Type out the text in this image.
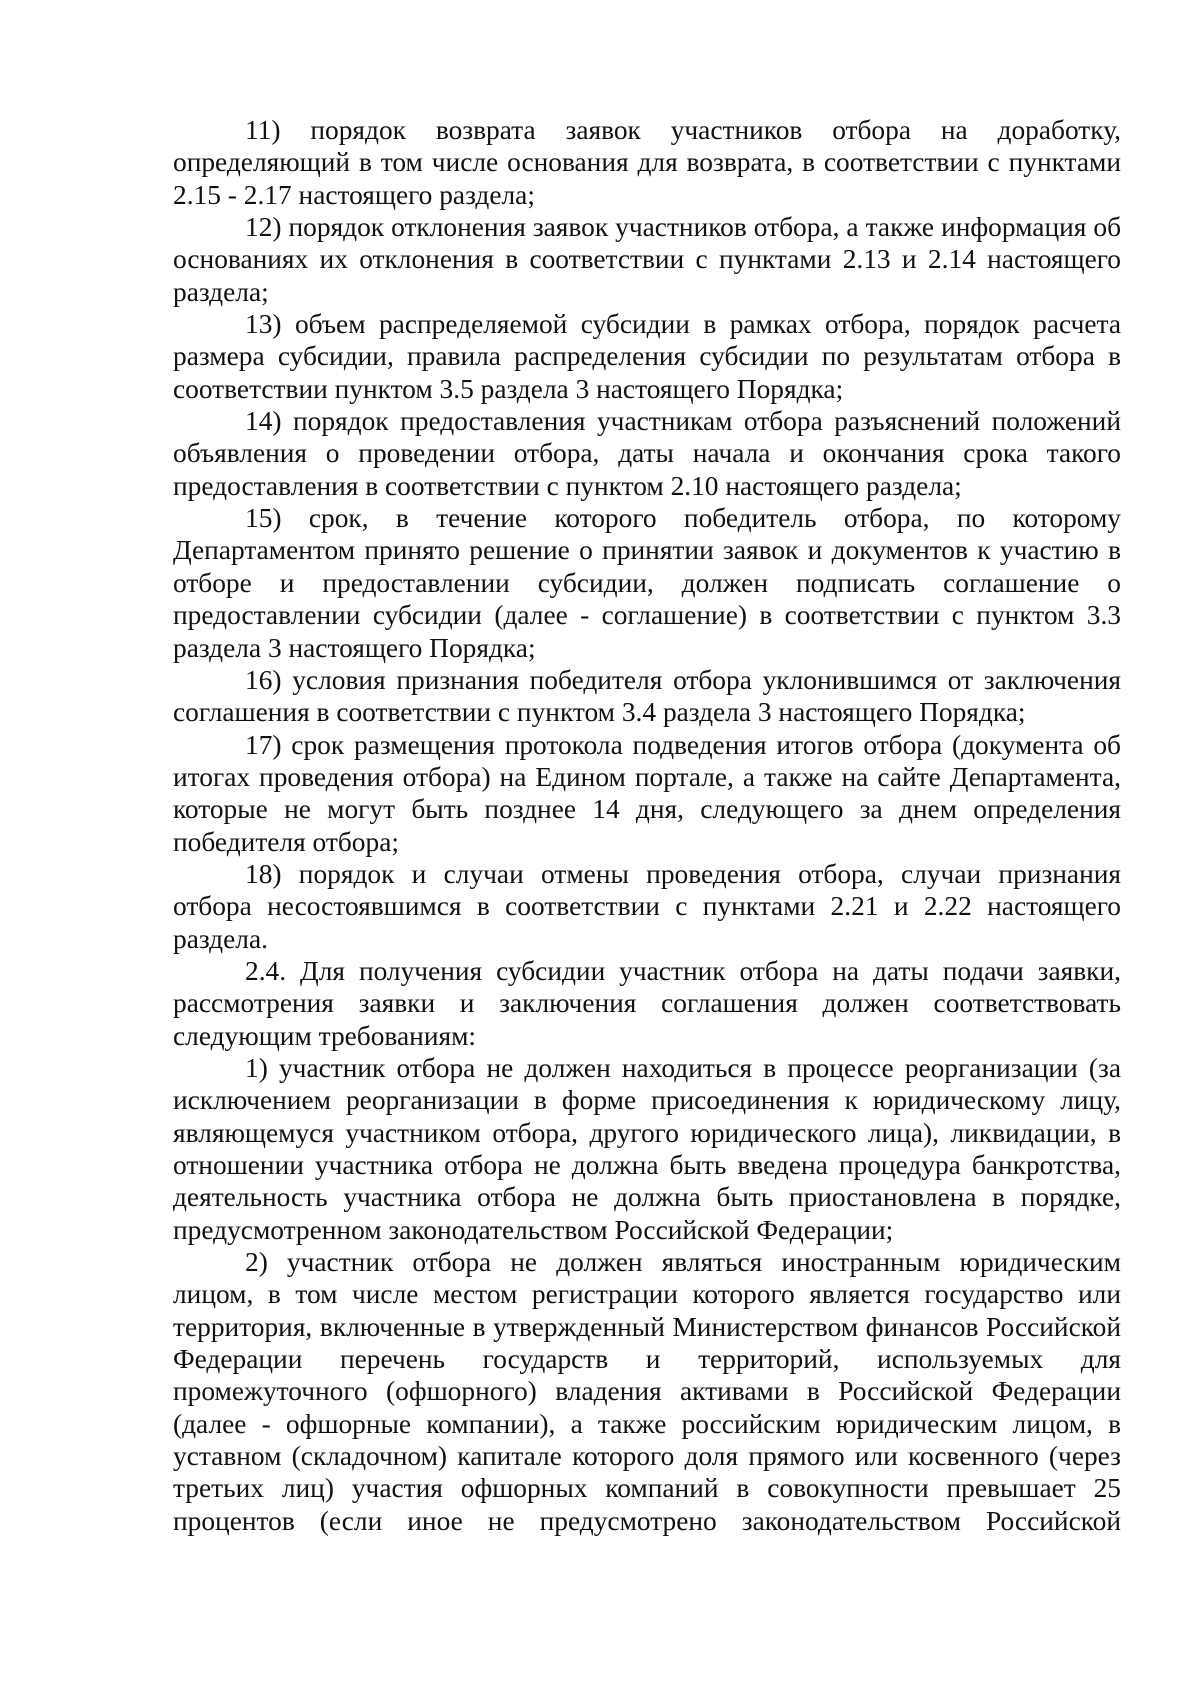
11) порядок возврата заявок участников отбора на доработку, определяющий в том числе основания для возврата, в соответствии с пунктами 2.15 - 2.17 настоящего раздела;

12) порядок отклонения заявок участников отбора, а также информация об основаниях их отклонения в соответствии с пунктами 2.13 и 2.14 настоящего раздела;

13) объем распределяемой субсидии в рамках отбора, порядок расчета размера субсидии, правила распределения субсидии по результатам отбора в соответствии пунктом 3.5 раздела 3 настоящего Порядка;

14) порядок предоставления участникам отбора разъяснений положений объявления о проведении отбора, даты начала и окончания срока такого предоставления в соответствии с пунктом 2.10 настоящего раздела;

15) срок, в течение которого победитель отбора, по которому Департаментом принято решение о принятии заявок и документов к участию в отборе и предоставлении субсидии, должен подписать соглашение о предоставлении субсидии (далее - соглашение) в соответствии с пунктом 3.3 раздела 3 настоящего Порядка;

16) условия признания победителя отбора уклонившимся от заключения соглашения в соответствии с пунктом 3.4 раздела 3 настоящего Порядка;

17) срок размещения протокола подведения итогов отбора (документа об итогах проведения отбора) на Едином портале, а также на сайте Департамента, которые не могут быть позднее 14 дня, следующего за днем определения победителя отбора;

18) порядок и случаи отмены проведения отбора, случаи признания отбора несостоявшимся в соответствии с пунктами 2.21 и 2.22 настоящего раздела.

2.4. Для получения субсидии участник отбора на даты подачи заявки, рассмотрения заявки и заключения соглашения должен соответствовать следующим требованиям:

1) участник отбора не должен находиться в процессе реорганизации (за исключением реорганизации в форме присоединения к юридическому лицу, являющемуся участником отбора, другого юридического лица), ликвидации, в отношении участника отбора не должна быть введена процедура банкротства, деятельность участника отбора не должна быть приостановлена в порядке, предусмотренном законодательством Российской Федерации;

2) участник отбора не должен являться иностранным юридическим лицом, в том числе местом регистрации которого является государство или территория, включенные в утвержденный Министерством финансов Российской Федерации перечень государств и территорий, используемых для промежуточного (офшорного) владения активами в Российской Федерации (далее - офшорные компании), а также российским юридическим лицом, в уставном (складочном) капитале которого доля прямого или косвенного (через третьих лиц) участия офшорных компаний в совокупности превышает 25 процентов (если иное не предусмотрено законодательством Российской
